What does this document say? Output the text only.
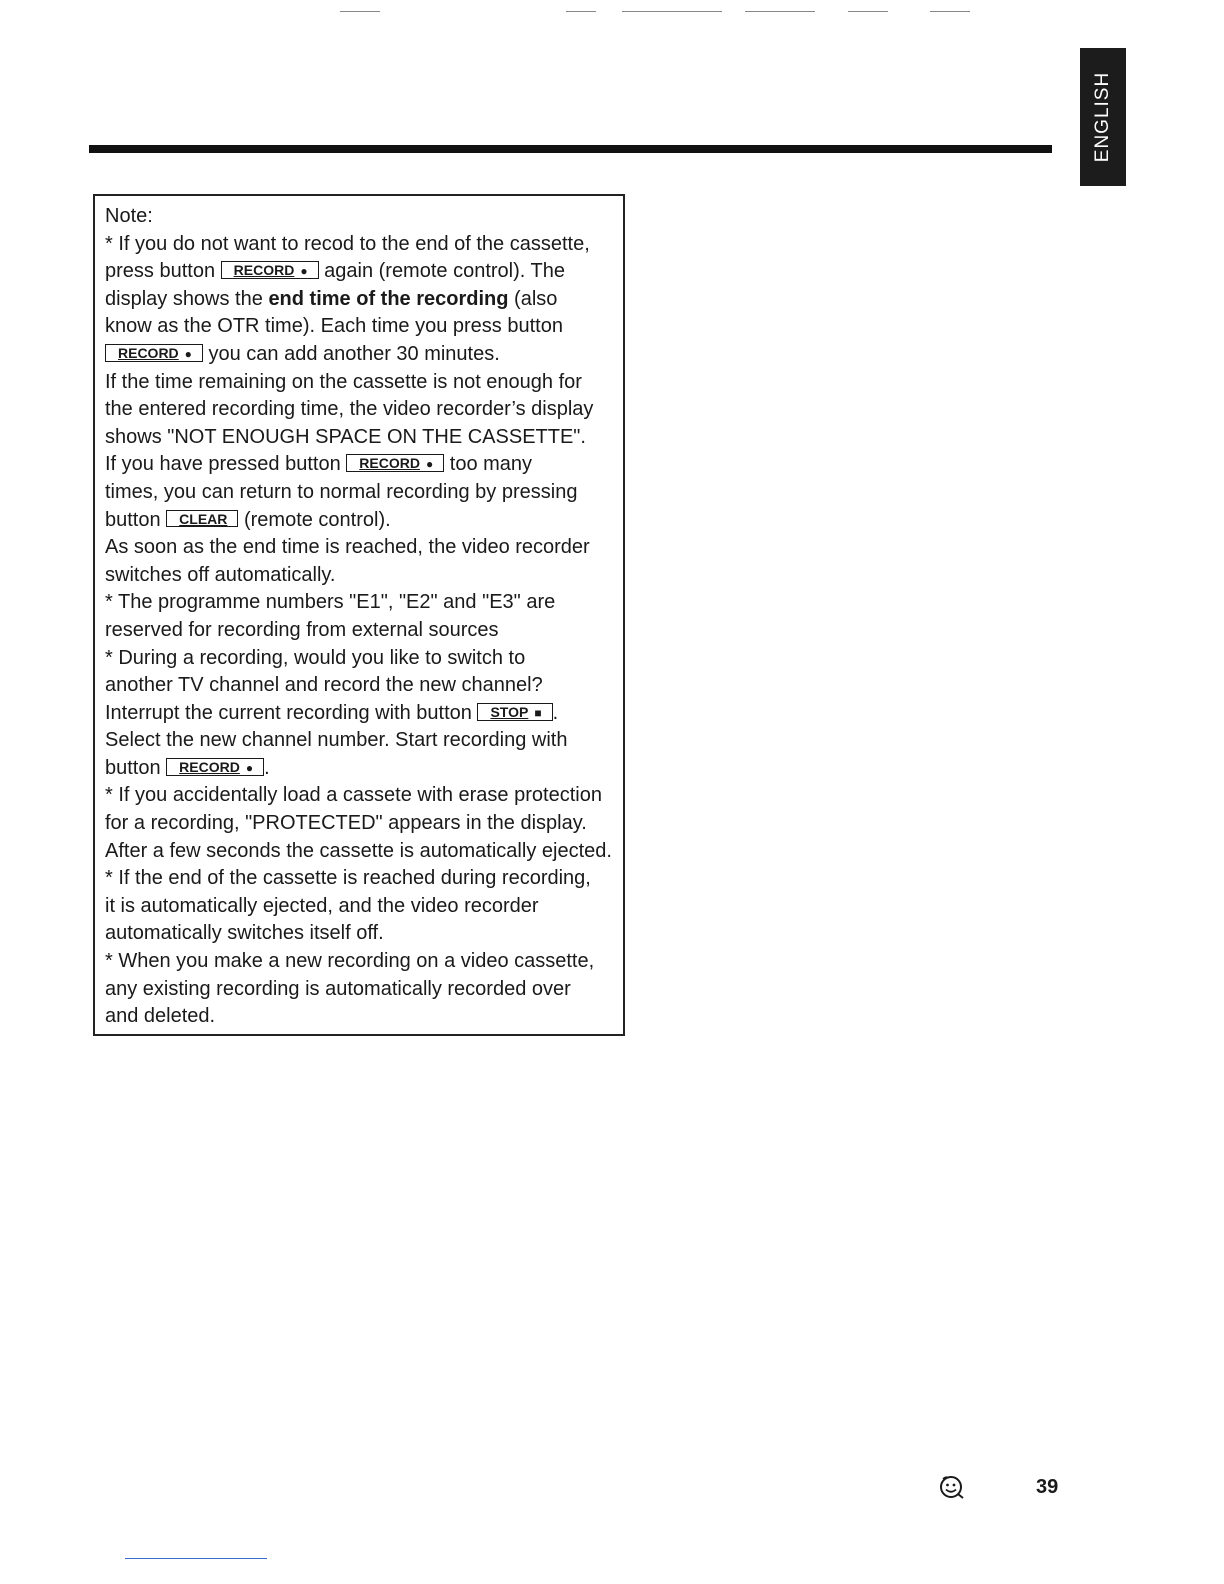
ENGLISH

Note:

* If you do not want to recod to the end of the cassette,

press button RECORD ● again (remote control). The

display shows the end time of the recording (also

know as the OTR time). Each time you press button

RECORD ● you can add another 30 minutes.

If the time remaining on the cassette is not enough for

the entered recording time, the video recorder’s display

shows "NOT ENOUGH SPACE ON THE CASSETTE".

If you have pressed button RECORD ● too many

times, you can return to normal recording by pressing

button CLEAR (remote control).

As soon as the end time is reached, the video recorder

switches off automatically.

* The programme numbers "E1", "E2" and "E3" are

reserved for recording from external sources

* During a recording, would you like to switch to

another TV channel and record the new channel?

Interrupt the current recording with button STOP ■ .

Select the new channel number. Start recording with

button RECORD ● .

* If you accidentally load a cassete with erase protection

for a recording, "PROTECTED" appears in the display.

After a few seconds the cassette is automatically ejected.

* If the end of the cassette is reached during recording,

it is automatically ejected, and the video recorder

automatically switches itself off.

* When you make a new recording on a video cassette,

any existing recording is automatically recorded over

and deleted.

39
